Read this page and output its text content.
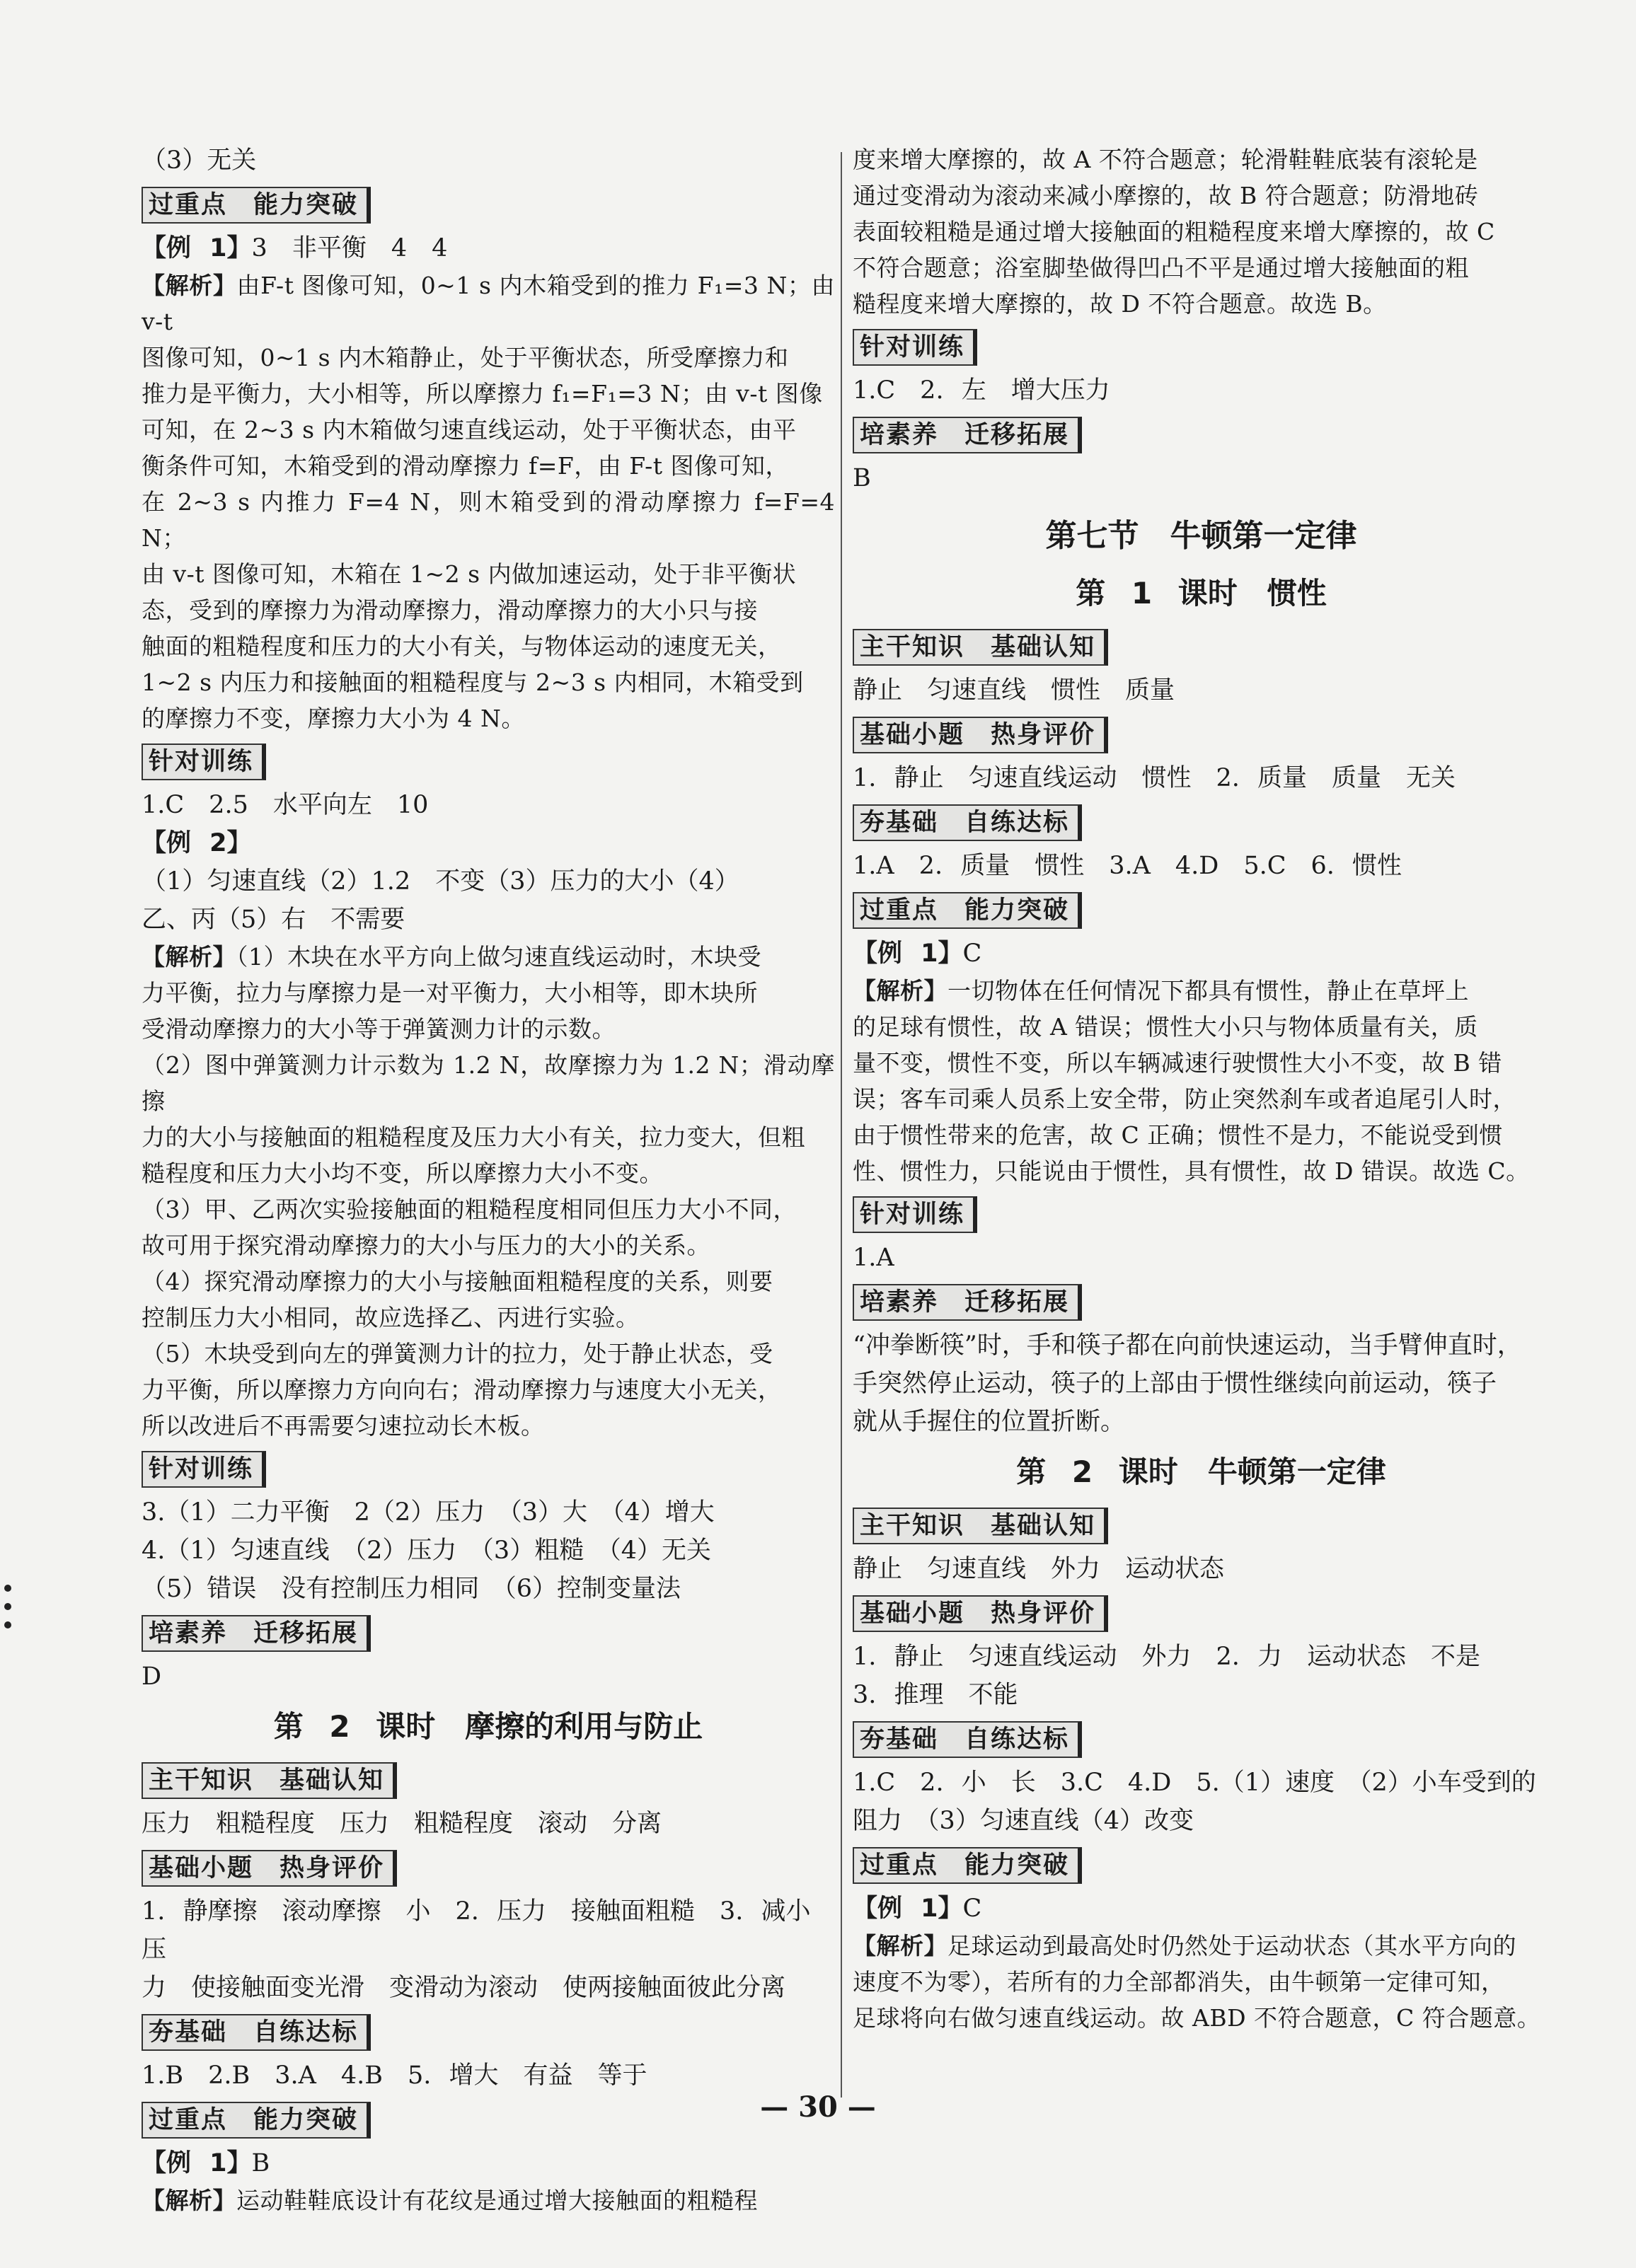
（3）无关

过重点　能力突破

【例 1】3　非平衡　4　4

【解析】由F-t 图像可知，0~1 s 内木箱受到的推力 F₁=3 N；由 v-t

图像可知，0~1 s 内木箱静止，处于平衡状态，所受摩擦力和

推力是平衡力，大小相等，所以摩擦力 f₁=F₁=3 N；由 v-t 图像

可知，在 2~3 s 内木箱做匀速直线运动，处于平衡状态，由平

衡条件可知，木箱受到的滑动摩擦力 f=F，由 F-t 图像可知，

在 2~3 s 内推力 F=4 N，则木箱受到的滑动摩擦力 f=F=4 N；

由 v-t 图像可知，木箱在 1~2 s 内做加速运动，处于非平衡状

态，受到的摩擦力为滑动摩擦力，滑动摩擦力的大小只与接

触面的粗糙程度和压力的大小有关，与物体运动的速度无关，

1~2 s 内压力和接触面的粗糙程度与 2~3 s 内相同，木箱受到

的摩擦力不变，摩擦力大小为 4 N。

针对训练

1.C　2.5　水平向左　10

【例 2】（1）匀速直线（2）1.2　不变（3）压力的大小（4）

乙、丙（5）右　不需要

【解析】（1）木块在水平方向上做匀速直线运动时，木块受

力平衡，拉力与摩擦力是一对平衡力，大小相等，即木块所

受滑动摩擦力的大小等于弹簧测力计的示数。

（2）图中弹簧测力计示数为 1.2 N，故摩擦力为 1.2 N；滑动摩擦

力的大小与接触面的粗糙程度及压力大小有关，拉力变大，但粗

糙程度和压力大小均不变，所以摩擦力大小不变。

（3）甲、乙两次实验接触面的粗糙程度相同但压力大小不同，

故可用于探究滑动摩擦力的大小与压力的大小的关系。

（4）探究滑动摩擦力的大小与接触面粗糙程度的关系，则要

控制压力大小相同，故应选择乙、丙进行实验。

（5）木块受到向左的弹簧测力计的拉力，处于静止状态，受

力平衡，所以摩擦力方向向右；滑动摩擦力与速度大小无关，

所以改进后不再需要匀速拉动长木板。

针对训练

3.（1）二力平衡　2（2）压力　（3）大　（4）增大

4.（1）匀速直线　（2）压力　（3）粗糙　（4）无关

（5）错误　没有控制压力相同　（6）控制变量法

培素养　迁移拓展

D

第 2 课时　摩擦的利用与防止
主干知识　基础认知

压力　粗糙程度　压力　粗糙程度　滚动　分离

基础小题　热身评价

1. 静摩擦　滚动摩擦　小　2. 压力　接触面粗糙　3. 减小压

力　使接触面变光滑　变滑动为滚动　使两接触面彼此分离

夯基础　自练达标

1.B　2.B　3.A　4.B　5. 增大　有益　等于

过重点　能力突破

【例 1】B

【解析】运动鞋鞋底设计有花纹是通过增大接触面的粗糙程

度来增大摩擦的，故 A 不符合题意；轮滑鞋鞋底装有滚轮是

通过变滑动为滚动来减小摩擦的，故 B 符合题意；防滑地砖

表面较粗糙是通过增大接触面的粗糙程度来增大摩擦的，故 C

不符合题意；浴室脚垫做得凹凸不平是通过增大接触面的粗

糙程度来增大摩擦的，故 D 不符合题意。故选 B。

针对训练

1.C　2. 左　增大压力

培素养　迁移拓展

B

第七节　牛顿第一定律
第 1 课时　惯性
主干知识　基础认知

静止　匀速直线　惯性　质量

基础小题　热身评价

1. 静止　匀速直线运动　惯性　2. 质量　质量　无关

夯基础　自练达标

1.A　2. 质量　惯性　3.A　4.D　5.C　6. 惯性

过重点　能力突破

【例 1】C

【解析】一切物体在任何情况下都具有惯性，静止在草坪上

的足球有惯性，故 A 错误；惯性大小只与物体质量有关，质

量不变，惯性不变，所以车辆减速行驶惯性大小不变，故 B 错

误；客车司乘人员系上安全带，防止突然刹车或者追尾引人时，

由于惯性带来的危害，故 C 正确；惯性不是力，不能说受到惯

性、惯性力，只能说由于惯性，具有惯性，故 D 错误。故选 C。

针对训练

1.A

培素养　迁移拓展

“冲拳断筷”时，手和筷子都在向前快速运动，当手臂伸直时，

手突然停止运动，筷子的上部由于惯性继续向前运动，筷子

就从手握住的位置折断。

第 2 课时　牛顿第一定律
主干知识　基础认知

静止　匀速直线　外力　运动状态

基础小题　热身评价

1. 静止　匀速直线运动　外力　2. 力　运动状态　不是

3. 推理　不能

夯基础　自练达标

1.C　2. 小　长　3.C　4.D　5.（1）速度　（2）小车受到的

阻力　（3）匀速直线（4）改变

过重点　能力突破

【例 1】C

【解析】足球运动到最高处时仍然处于运动状态（其水平方向的

速度不为零），若所有的力全部都消失，由牛顿第一定律可知，

足球将向右做匀速直线运动。故 ABD 不符合题意，C 符合题意。

— 30 —
